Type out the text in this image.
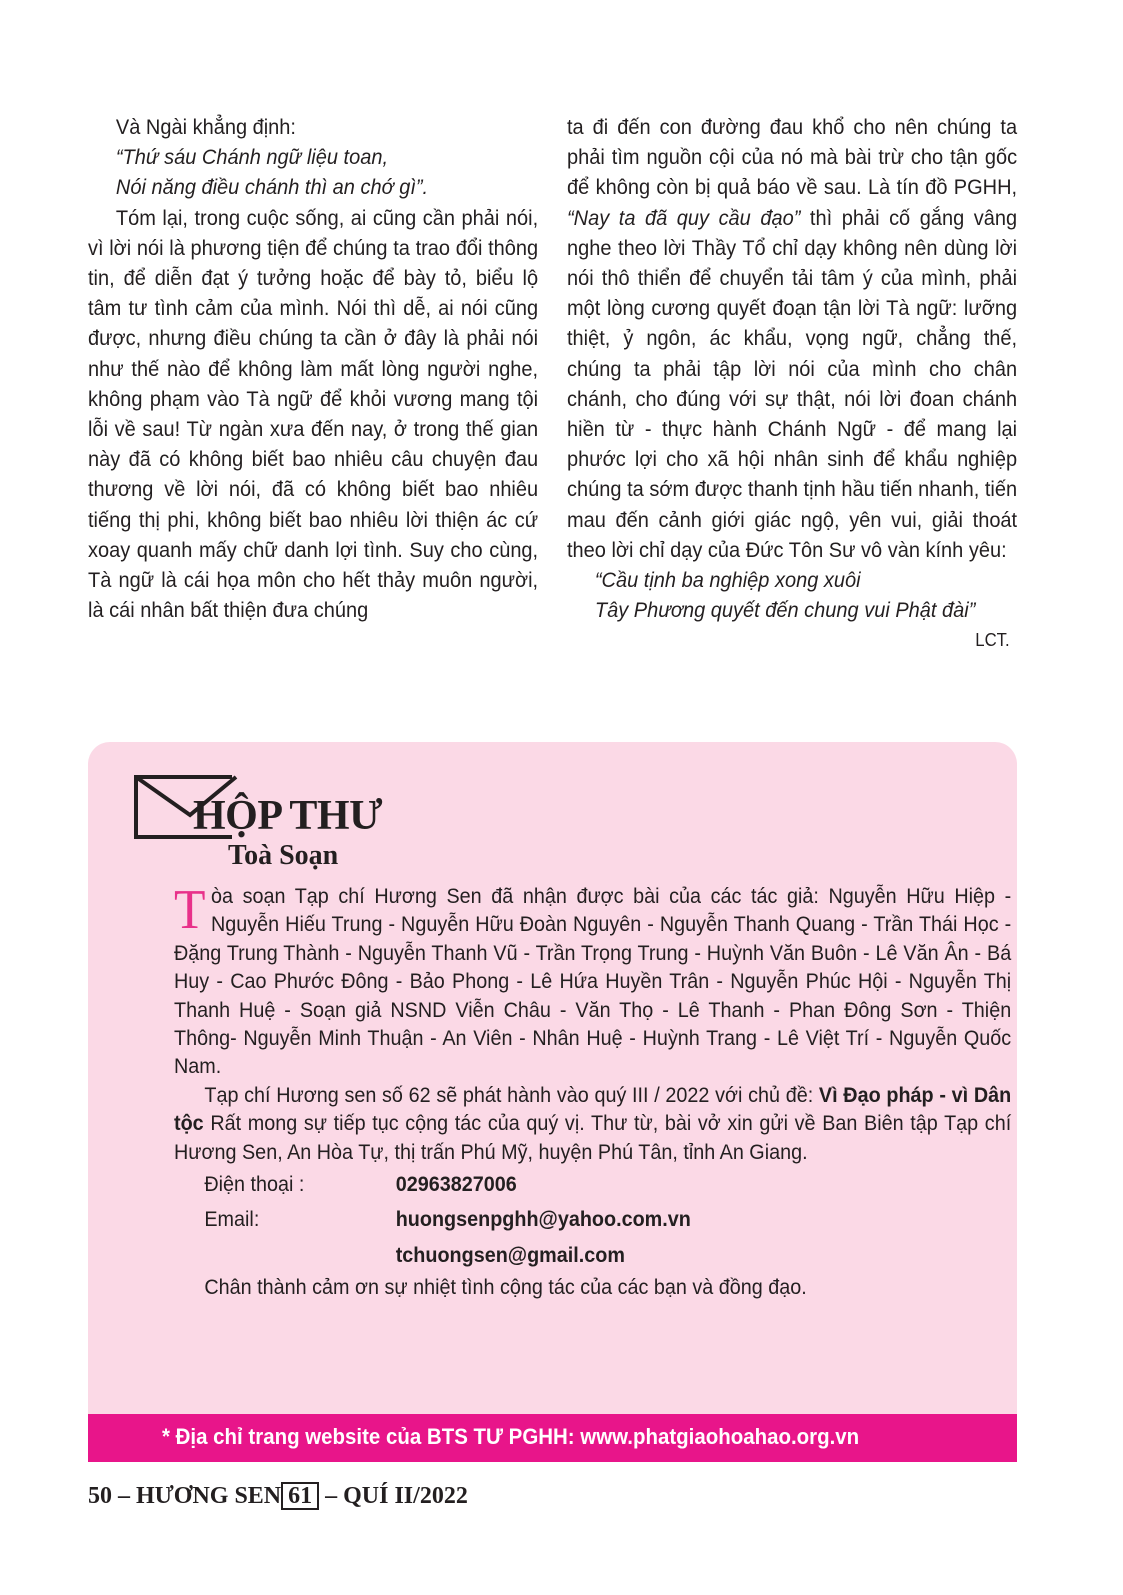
Và Ngài khẳng định:

“Thứ sáu Chánh ngữ liệu toan,

Nói năng điều chánh thì an chớ gì”.

Tóm lại, trong cuộc sống, ai cũng cần phải nói, vì lời nói là phương tiện để chúng ta trao đổi thông tin, để diễn đạt ý tưởng hoặc để bày tỏ, biểu lộ tâm tư tình cảm của mình. Nói thì dễ, ai nói cũng được, nhưng điều chúng ta cần ở đây là phải nói như thế nào để không làm mất lòng người nghe, không phạm vào Tà ngữ để khỏi vương mang tội lỗi về sau! Từ ngàn xưa đến nay, ở trong thế gian này đã có không biết bao nhiêu câu chuyện đau thương về lời nói, đã có không biết bao nhiêu tiếng thị phi, không biết bao nhiêu lời thiện ác cứ xoay quanh mấy chữ danh lợi tình. Suy cho cùng, Tà ngữ là cái họa môn cho hết thảy muôn người, là cái nhân bất thiện đưa chúng

ta đi đến con đường đau khổ cho nên chúng ta phải tìm nguồn cội của nó mà bài trừ cho tận gốc để không còn bị quả báo về sau. Là tín đồ PGHH, “Nay ta đã quy cầu đạo” thì phải cố gắng vâng nghe theo lời Thầy Tổ chỉ dạy không nên dùng lời nói thô thiển để chuyển tải tâm ý của mình, phải một lòng cương quyết đoạn tận lời Tà ngữ: lưỡng thiệt, ỷ ngôn, ác khẩu, vọng ngữ, chẳng thế, chúng ta phải tập lời nói của mình cho chân chánh, cho đúng với sự thật, nói lời đoan chánh hiền từ - thực hành Chánh Ngữ - để mang lại phước lợi cho xã hội nhân sinh để khẩu nghiệp chúng ta sớm được thanh tịnh hầu tiến nhanh, tiến mau đến cảnh giới giác ngộ, yên vui, giải thoát theo lời chỉ dạy của Đức Tôn Sư vô vàn kính yêu:

“Cầu tịnh ba nghiệp xong xuôi

Tây Phương quyết đến chung vui Phật đài”

LCT.

HỘP THƯ
Toà Soạn

T òa soạn Tạp chí Hương Sen đã nhận được bài của các tác giả: Nguyễn Hữu Hiệp - Nguyễn Hiếu Trung - Nguyễn Hữu Đoàn Nguyên - Nguyễn Thanh Quang - Trần Thái Học - Đặng Trung Thành - Nguyễn Thanh Vũ - Trần Trọng Trung - Huỳnh Văn Buôn - Lê Văn Ân - Bá Huy - Cao Phước Đông - Bảo Phong - Lê Hứa Huyền Trân - Nguyễn Phúc Hội - Nguyễn Thị Thanh Huệ - Soạn giả NSND Viễn Châu - Văn Thọ - Lê Thanh - Phan Đông Sơn - Thiện Thông- Nguyễn Minh Thuận - An Viên - Nhân Huệ - Huỳnh Trang - Lê Việt Trí - Nguyễn Quốc Nam.

Tạp chí Hương sen số 62 sẽ phát hành vào quý III / 2022 với chủ đề: Vì Đạo pháp - vì Dân tộc Rất mong sự tiếp tục cộng tác của quý vị. Thư từ, bài vở xin gửi về Ban Biên tập Tạp chí Hương Sen, An Hòa Tự, thị trấn Phú Mỹ, huyện Phú Tân, tỉnh An Giang.

Điện thoại :	02963827006
Email:	huongsenpghh@yahoo.com.vn
tchuongsen@gmail.com

Chân thành cảm ơn sự nhiệt tình cộng tác của các bạn và đồng đạo.

* Địa chỉ trang website của BTS TƯ PGHH: www.phatgiaohoahao.org.vn
50 – HƯƠNG SEN 61 – QUÍ II/2022
